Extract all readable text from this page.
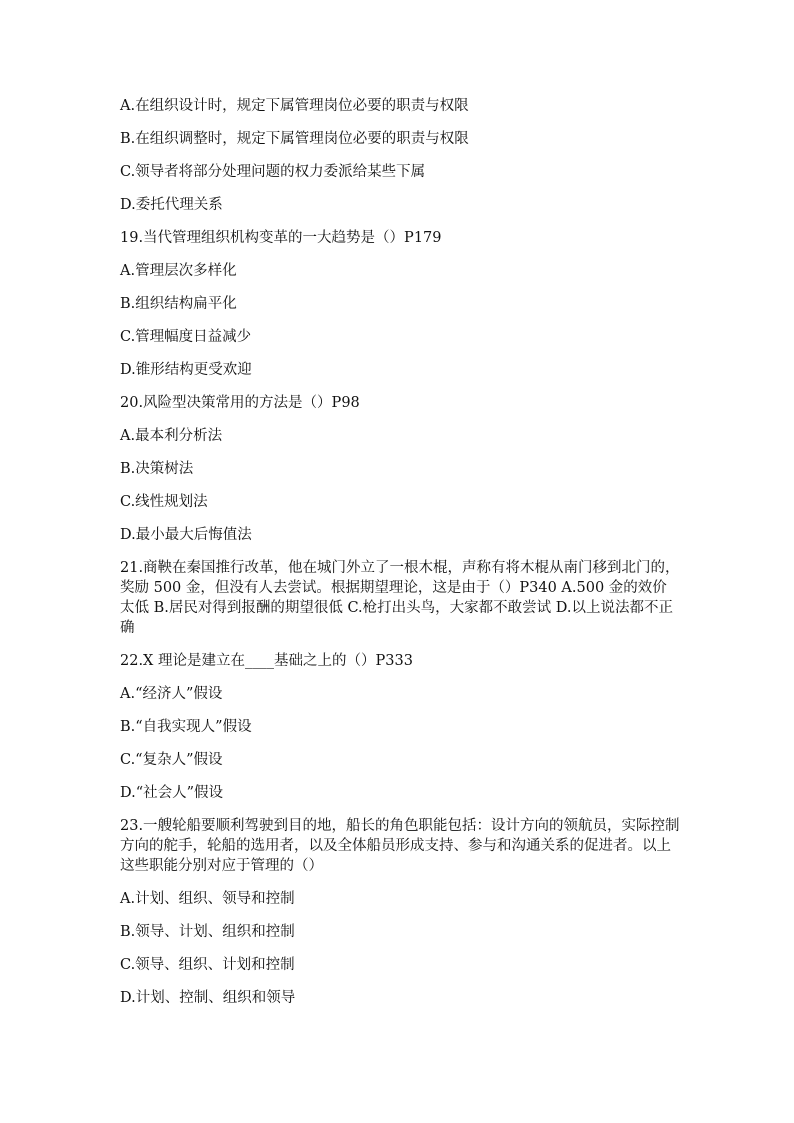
A.在组织设计时，规定下属管理岗位必要的职责与权限
B.在组织调整时，规定下属管理岗位必要的职责与权限
C.领导者将部分处理问题的权力委派给某些下属
D.委托代理关系
19.当代管理组织机构变革的一大趋势是（）P179
A.管理层次多样化
B.组织结构扁平化
C.管理幅度日益减少
D.锥形结构更受欢迎
20.风险型决策常用的方法是（）P98
A.最本利分析法
B.决策树法
C.线性规划法
D.最小最大后悔值法
21.商鞅在秦国推行改革，他在城门外立了一根木棍，声称有将木棍从南门移到北门的，奖励 500 金，但没有人去尝试。根据期望理论，这是由于（）P340 A.500 金的效价太低 B.居民对得到报酬的期望很低 C.枪打出头鸟，大家都不敢尝试 D.以上说法都不正确
22.X 理论是建立在____基础之上的（）P333
A.“经济人”假设
B.“自我实现人”假设
C.“复杂人”假设
D.“社会人”假设
23.一艘轮船要顺利驾驶到目的地，船长的角色职能包括：设计方向的领航员，实际控制方向的舵手，轮船的选用者，以及全体船员形成支持、参与和沟通关系的促进者。以上这些职能分别对应于管理的（）
A.计划、组织、领导和控制
B.领导、计划、组织和控制
C.领导、组织、计划和控制
D.计划、控制、组织和领导
